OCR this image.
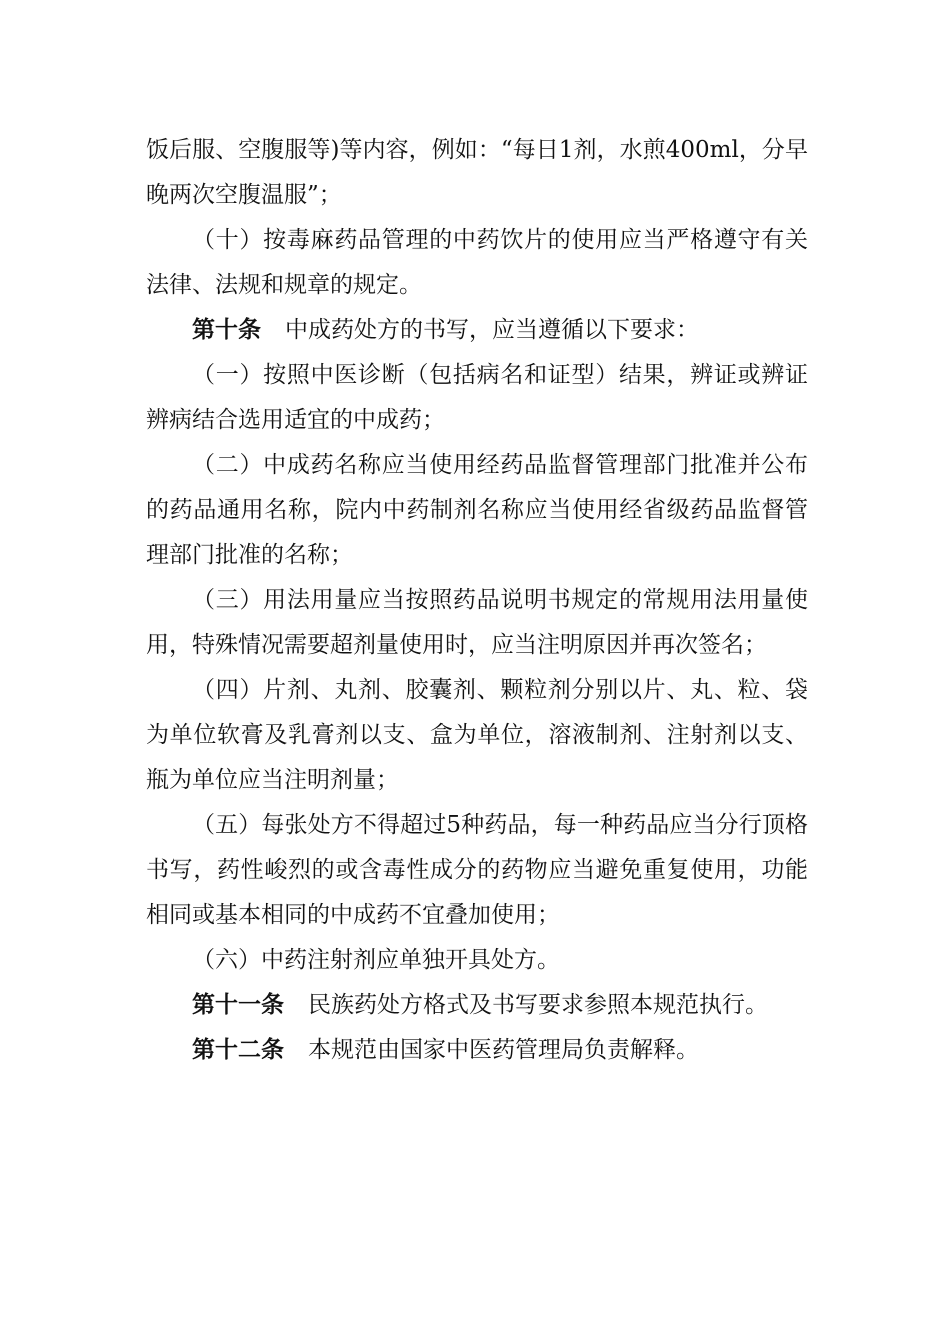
饭后服、空腹服等)等内容，例如：“每日1剂，水煎400ml，分早晚两次空腹温服”；

（十）按毒麻药品管理的中药饮片的使用应当严格遵守有关法律、法规和规章的规定。

第十条 中成药处方的书写，应当遵循以下要求：

（一）按照中医诊断（包括病名和证型）结果，辨证或辨证辨病结合选用适宜的中成药；

（二）中成药名称应当使用经药品监督管理部门批准并公布的药品通用名称，院内中药制剂名称应当使用经省级药品监督管理部门批准的名称；

（三）用法用量应当按照药品说明书规定的常规用法用量使用，特殊情况需要超剂量使用时，应当注明原因并再次签名；

（四）片剂、丸剂、胶囊剂、颗粒剂分别以片、丸、粒、袋为单位软膏及乳膏剂以支、盒为单位，溶液制剂、注射剂以支、瓶为单位应当注明剂量；

（五）每张处方不得超过5种药品，每一种药品应当分行顶格书写，药性峻烈的或含毒性成分的药物应当避免重复使用，功能相同或基本相同的中成药不宜叠加使用；

（六）中药注射剂应单独开具处方。

第十一条 民族药处方格式及书写要求参照本规范执行。

第十二条 本规范由国家中医药管理局负责解释。
